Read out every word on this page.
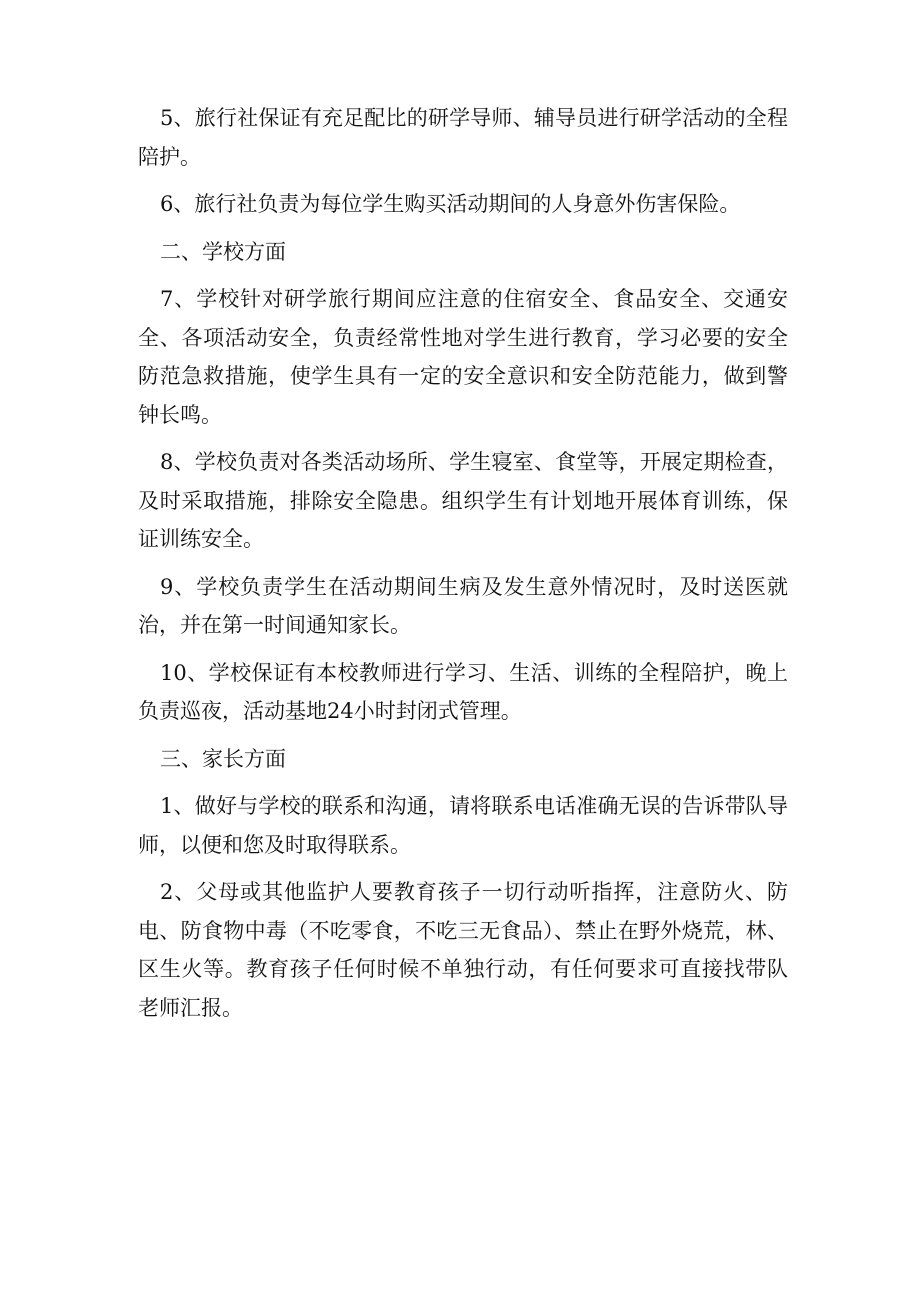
5、旅行社保证有充足配比的研学导师、辅导员进行研学活动的全程陪护。

6、旅行社负责为每位学生购买活动期间的人身意外伤害保险。

二、学校方面

7、学校针对研学旅行期间应注意的住宿安全、食品安全、交通安全、各项活动安全，负责经常性地对学生进行教育，学习必要的安全防范急救措施，使学生具有一定的安全意识和安全防范能力，做到警钟长鸣。

8、学校负责对各类活动场所、学生寝室、食堂等，开展定期检查，及时采取措施，排除安全隐患。组织学生有计划地开展体育训练，保证训练安全。

9、学校负责学生在活动期间生病及发生意外情况时，及时送医就治，并在第一时间通知家长。

10、学校保证有本校教师进行学习、生活、训练的全程陪护，晚上负责巡夜，活动基地24小时封闭式管理。

三、家长方面

1、做好与学校的联系和沟通，请将联系电话准确无误的告诉带队导师，以便和您及时取得联系。

2、父母或其他监护人要教育孩子一切行动听指挥，注意防火、防电、防食物中毒（不吃零食，不吃三无食品）、禁止在野外烧荒，林、区生火等。教育孩子任何时候不单独行动，有任何要求可直接找带队老师汇报。
